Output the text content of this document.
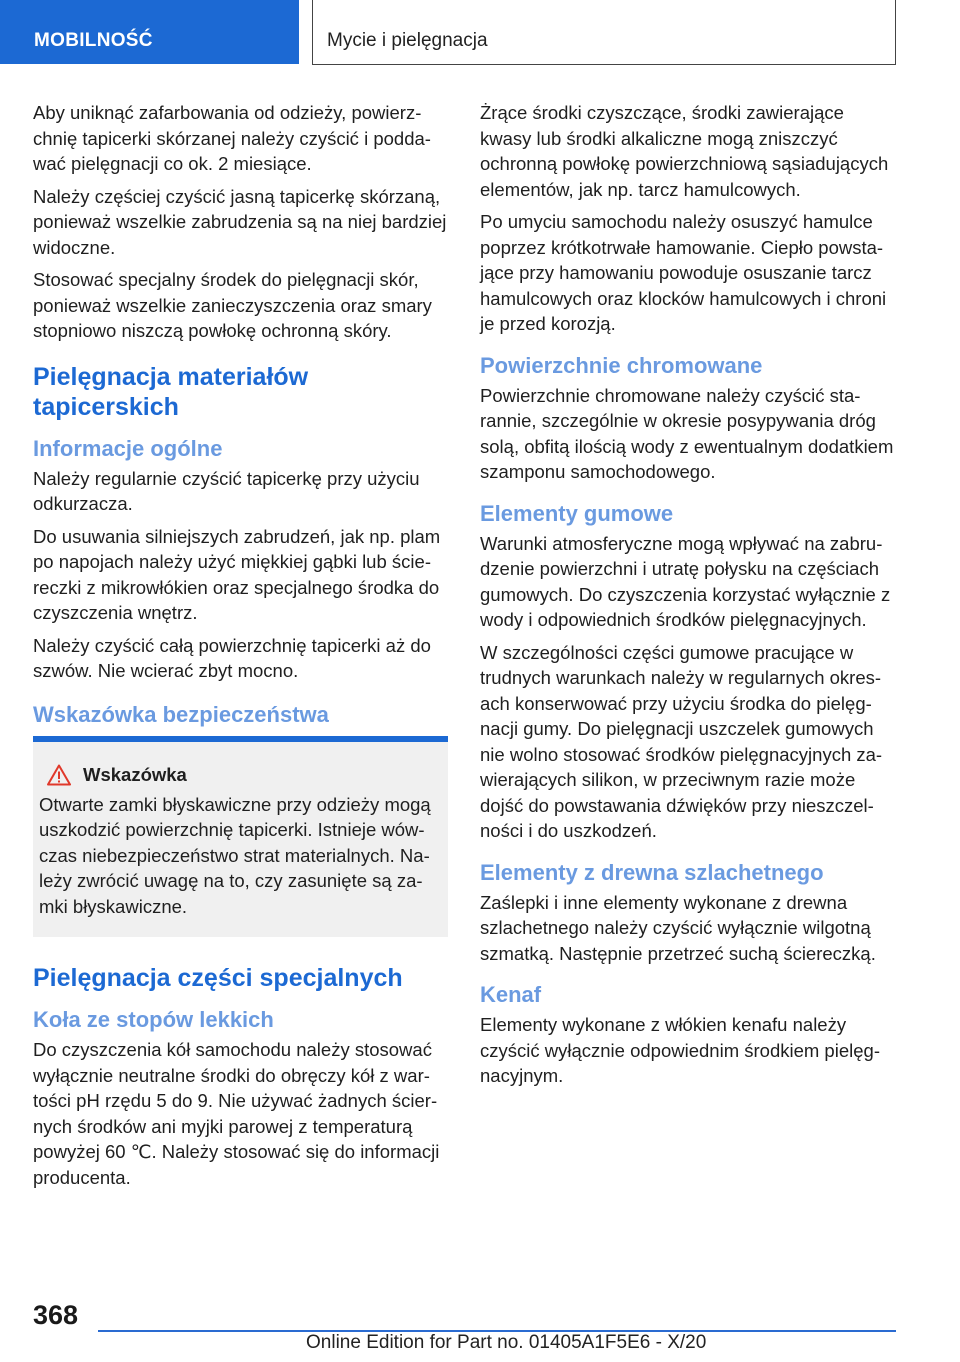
MOBILNOŚĆ	Mycie i pielęgnacja

Aby uniknąć zafarbowania od odzieży, powierzchnię tapicerki skórzanej należy czyścić i poddawać pielęgnacji co ok. 2 miesiące.

Należy częściej czyścić jasną tapicerkę skórzaną, ponieważ wszelkie zabrudzenia są na niej bardziej widoczne.

Stosować specjalny środek do pielęgnacji skór, ponieważ wszelkie zanieczyszczenia oraz smary stopniowo niszczą powłokę ochronną skóry.

Pielęgnacja materiałów tapicerskich
Informacje ogólne

Należy regularnie czyścić tapicerkę przy użyciu odkurzacza.

Do usuwania silniejszych zabrudzeń, jak np. plam po napojach należy użyć miękkiej gąbki lub ściereczki z mikrowłókien oraz specjalnego środka do czyszczenia wnętrz.

Należy czyścić całą powierzchnię tapicerki aż do szwów. Nie wcierać zbyt mocno.

Wskazówka bezpieczeństwa
Wskazówka

Otwarte zamki błyskawiczne przy odzieży mogą uszkodzić powierzchnię tapicerki. Istnieje wówczas niebezpieczeństwo strat materialnych. Należy zwrócić uwagę na to, czy zasunięte są zamki błyskawiczne.

Pielęgnacja części specjalnych
Koła ze stopów lekkich

Do czyszczenia kół samochodu należy stosować wyłącznie neutralne środki do obręczy kół z wartości pH rzędu 5 do 9. Nie używać żadnych ściernych środków ani myjki parowej z temperaturą powyżej 60 ℃. Należy stosować się do informacji producenta.

Żrące środki czyszczące, środki zawierające kwasy lub środki alkaliczne mogą zniszczyć ochronną powłokę powierzchniową sąsiadujących elementów, jak np. tarcz hamulcowych.

Po umyciu samochodu należy osuszyć hamulce poprzez krótkotrwałe hamowanie. Ciepło powstające przy hamowaniu powoduje osuszanie tarcz hamulcowych oraz klocków hamulcowych i chroni je przed korozją.

Powierzchnie chromowane

Powierzchnie chromowane należy czyścić starannie, szczególnie w okresie posypywania dróg solą, obfitą ilością wody z ewentualnym dodatkiem szamponu samochodowego.

Elementy gumowe

Warunki atmosferyczne mogą wpływać na zabrudzenie powierzchni i utratę połysku na częściach gumowych. Do czyszczenia korzystać wyłącznie z wody i odpowiednich środków pielęgnacyjnych.

W szczególności części gumowe pracujące w trudnych warunkach należy w regularnych okresach konserwować przy użyciu środka do pielęgnacji gumy. Do pielęgnacji uszczelek gumowych nie wolno stosować środków pielęgnacyjnych zawierających silikon, w przeciwnym razie może dojść do powstawania dźwięków przy nieszczelności i do uszkodzeń.

Elementy z drewna szlachetnego

Zaślepki i inne elementy wykonane z drewna szlachetnego należy czyścić wyłącznie wilgotną szmatką. Następnie przetrzeć suchą ściereczką.

Kenaf

Elementy wykonane z włókien kenafu należy czyścić wyłącznie odpowiednim środkiem pielęgnacyjnym.

368
Online Edition for Part no. 01405A1F5E6 - X/20
